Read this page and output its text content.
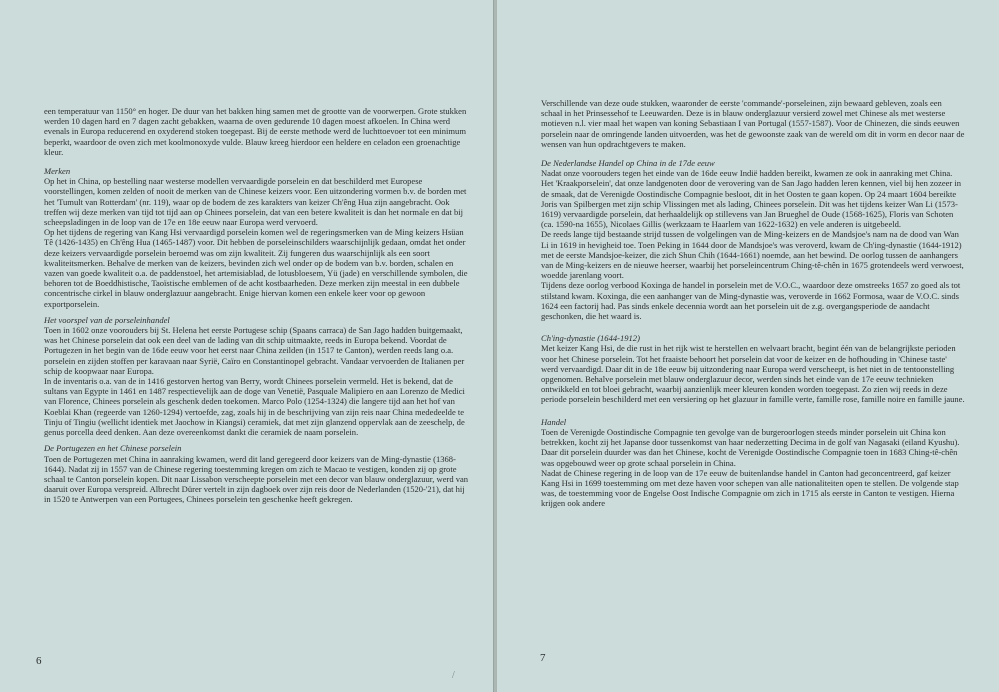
een temperatuur van 1150° en hoger. De duur van het bakken hing samen met de grootte van de voorwerpen. Grote stukken werden 10 dagen hard en 7 dagen zacht gebakken, waarna de oven gedurende 10 dagen moest afkoelen. In China werd evenals in Europa reducerend en oxyderend stoken toegepast. Bij de eerste methode werd de luchttoevoer tot een minimum beperkt, waardoor de oven zich met koolmonoxyde vulde. Blauw kreeg hierdoor een heldere en celadon een groenachtige kleur.

Merken

Op het in China, op bestelling naar westerse modellen vervaardigde porselein en dat beschilderd met Europese voorstellingen, komen zelden of nooit de merken van de Chinese keizers voor. Een uitzondering vormen b.v. de borden met het 'Tumult van Rotterdam' (nr. 119), waar op de bodem de zes karakters van keizer Ch'êng Hua zijn aangebracht. Ook treffen wij deze merken van tijd tot tijd aan op Chinees porselein, dat van een betere kwaliteit is dan het normale en dat bij scheepsladingen in de loop van de 17e en 18e eeuw naar Europa werd vervoerd.

Op het tijdens de regering van Kang Hsi vervaardigd porselein komen wel de regeringsmerken van de Ming keizers Hsüan Tê (1426-1435) en Ch'êng Hua (1465-1487) voor. Dit hebben de porseleinschilders waarschijnlijk gedaan, omdat het onder deze keizers vervaardigde porselein beroemd was om zijn kwaliteit. Zij fungeren dus waarschijnlijk als een soort kwaliteitsmerken. Behalve de merken van de keizers, bevinden zich wel onder op de bodem van b.v. borden, schalen en vazen van goede kwaliteit o.a. de paddenstoel, het artemisiablad, de lotusbloesem, Yü (jade) en verschillende symbolen, die behoren tot de Boeddhistische, Taoïstische emblemen of de acht kostbaarheden. Deze merken zijn meestal in een dubbele concentrische cirkel in blauw onderglazuur aangebracht. Enige hiervan komen een enkele keer voor op gewoon exportporselein.

Het voorspel van de porseleinhandel

Toen in 1602 onze voorouders bij St. Helena het eerste Portugese schip (Spaans carraca) de San Jago hadden buitgemaakt, was het Chinese porselein dat ook een deel van de lading van dit schip uitmaakte, reeds in Europa bekend. Voordat de Portugezen in het begin van de 16de eeuw voor het eerst naar China zeilden (in 1517 te Canton), werden reeds lang o.a. porselein en zijden stoffen per karavaan naar Syrië, Caïro en Constantinopel gebracht. Vandaar vervoerden de Italianen per schip de koopwaar naar Europa.

In de inventaris o.a. van de in 1416 gestorven hertog van Berry, wordt Chinees porselein vermeld. Het is bekend, dat de sultans van Egypte in 1461 en 1487 respectievelijk aan de doge van Venetië, Pasquale Malipiero en aan Lorenzo de Medici van Florence, Chinees porselein als geschenk deden toekomen. Marco Polo (1254-1324) die langere tijd aan het hof van Koeblai Khan (regeerde van 1260-1294) vertoefde, zag, zoals hij in de beschrijving van zijn reis naar China mededeelde te Tinju of Tingiu (wellicht identiek met Jaochow in Kiangsi) ceramiek, dat met zijn glanzend oppervlak aan de zeeschelp, de genus porcella deed denken. Aan deze overeenkomst dankt die ceramiek de naam porselein.

De Portugezen en het Chinese porselein

Toen de Portugezen met China in aanraking kwamen, werd dit land geregeerd door keizers van de Ming-dynastie (1368-1644). Nadat zij in 1557 van de Chinese regering toestemming kregen om zich te Macao te vestigen, konden zij op grote schaal te Canton porselein kopen. Dit naar Lissabon verscheepte porselein met een decor van blauw onderglazuur, werd van daaruit over Europa verspreid. Albrecht Dürer vertelt in zijn dagboek over zijn reis door de Nederlanden (1520-'21), dat hij in 1520 te Antwerpen van een Portugees, Chinees porselein ten geschenke heeft gekregen.

6

Verschillende van deze oude stukken, waaronder de eerste 'commande'-porseleinen, zijn bewaard gebleven, zoals een schaal in het Prinsessehof te Leeuwarden. Deze is in blauw onderglazuur versierd zowel met Chinese als met westerse motieven n.l. vier maal het wapen van koning Sebastiaan I van Portugal (1557-1587). Voor de Chinezen, die sinds eeuwen porselein naar de omringende landen uitvoerden, was het de gewoonste zaak van de wereld om dit in vorm en decor naar de wensen van hun opdrachtgevers te maken.

De Nederlandse Handel op China in de 17de eeuw

Nadat onze voorouders tegen het einde van de 16de eeuw Indië hadden bereikt, kwamen ze ook in aanraking met China. Het 'Kraakporselein', dat onze landgenoten door de verovering van de San Jago hadden leren kennen, viel bij hen zozeer in de smaak, dat de Verenigde Oostindische Compagnie besloot, dit in het Oosten te gaan kopen. Op 24 maart 1604 bereikte Joris van Spilbergen met zijn schip Vlissingen met als lading, Chinees porselein. Dit was het tijdens keizer Wan Li (1573-1619) vervaardigde porselein, dat herhaaldelijk op stillevens van Jan Brueghel de Oude (1568-1625), Floris van Schoten (ca. 1590-na 1655), Nicolaes Gillis (werkzaam te Haarlem van 1622-1632) en vele anderen is uitgebeeld.

De reeds lange tijd bestaande strijd tussen de volgelingen van de Ming-keizers en de Mandsjoe's nam na de dood van Wan Li in 1619 in hevigheid toe. Toen Peking in 1644 door de Mandsjoe's was veroverd, kwam de Ch'ing-dynastie (1644-1912) met de eerste Mandsjoe-keizer, die zich Shun Chih (1644-1661) noemde, aan het bewind. De oorlog tussen de aanhangers van de Ming-keizers en de nieuwe heerser, waarbij het porseleincentrum Ching-tê-chên in 1675 grotendeels werd verwoest, woedde jarenlang voort.

Tijdens deze oorlog verbood Koxinga de handel in porselein met de V.O.C., waardoor deze omstreeks 1657 zo goed als tot stilstand kwam. Koxinga, die een aanhanger van de Ming-dynastie was, veroverde in 1662 Formosa, waar de V.O.C. sinds 1624 een factorij had. Pas sinds enkele decennia wordt aan het porselein uit de z.g. overgangsperiode de aandacht geschonken, die het waard is.

Ch'ing-dynastie (1644-1912)

Met keizer Kang Hsi, de die rust in het rijk wist te herstellen en welvaart bracht, begint één van de belangrijkste perioden voor het Chinese porselein. Tot het fraaiste behoort het porselein dat voor de keizer en de hofhouding in 'Chinese taste' werd vervaardigd. Daar dit in de 18e eeuw bij uitzondering naar Europa werd verscheept, is het niet in de tentoonstelling opgenomen. Behalve porselein met blauw onderglazuur decor, werden sinds het einde van de 17e eeuw technieken ontwikkeld en tot bloei gebracht, waarbij aanzienlijk meer kleuren konden worden toegepast. Zo zien wij reeds in deze periode porselein beschilderd met een versiering op het glazuur in famille verte, famille rose, famille noire en famille jaune.

Handel

Toen de Verenigde Oostindische Compagnie ten gevolge van de burgeroorlogen steeds minder porselein uit China kon betrekken, kocht zij het Japanse door tussenkomst van haar nederzetting Decima in de golf van Nagasaki (eiland Kyushu). Daar dit porselein duurder was dan het Chinese, kocht de Verenigde Oostindische Compagnie toen in 1683 Ching-tê-chên was opgebouwd weer op grote schaal porselein in China.

Nadat de Chinese regering in de loop van de 17e eeuw de buitenlandse handel in Canton had geconcentreerd, gaf keizer Kang Hsi in 1699 toestemming om met deze haven voor schepen van alle nationaliteiten open te stellen. De volgende stap was, de toestemming voor de Engelse Oost Indische Compagnie om zich in 1715 als eerste in Canton te vestigen. Hierna krijgen ook andere

7
/
